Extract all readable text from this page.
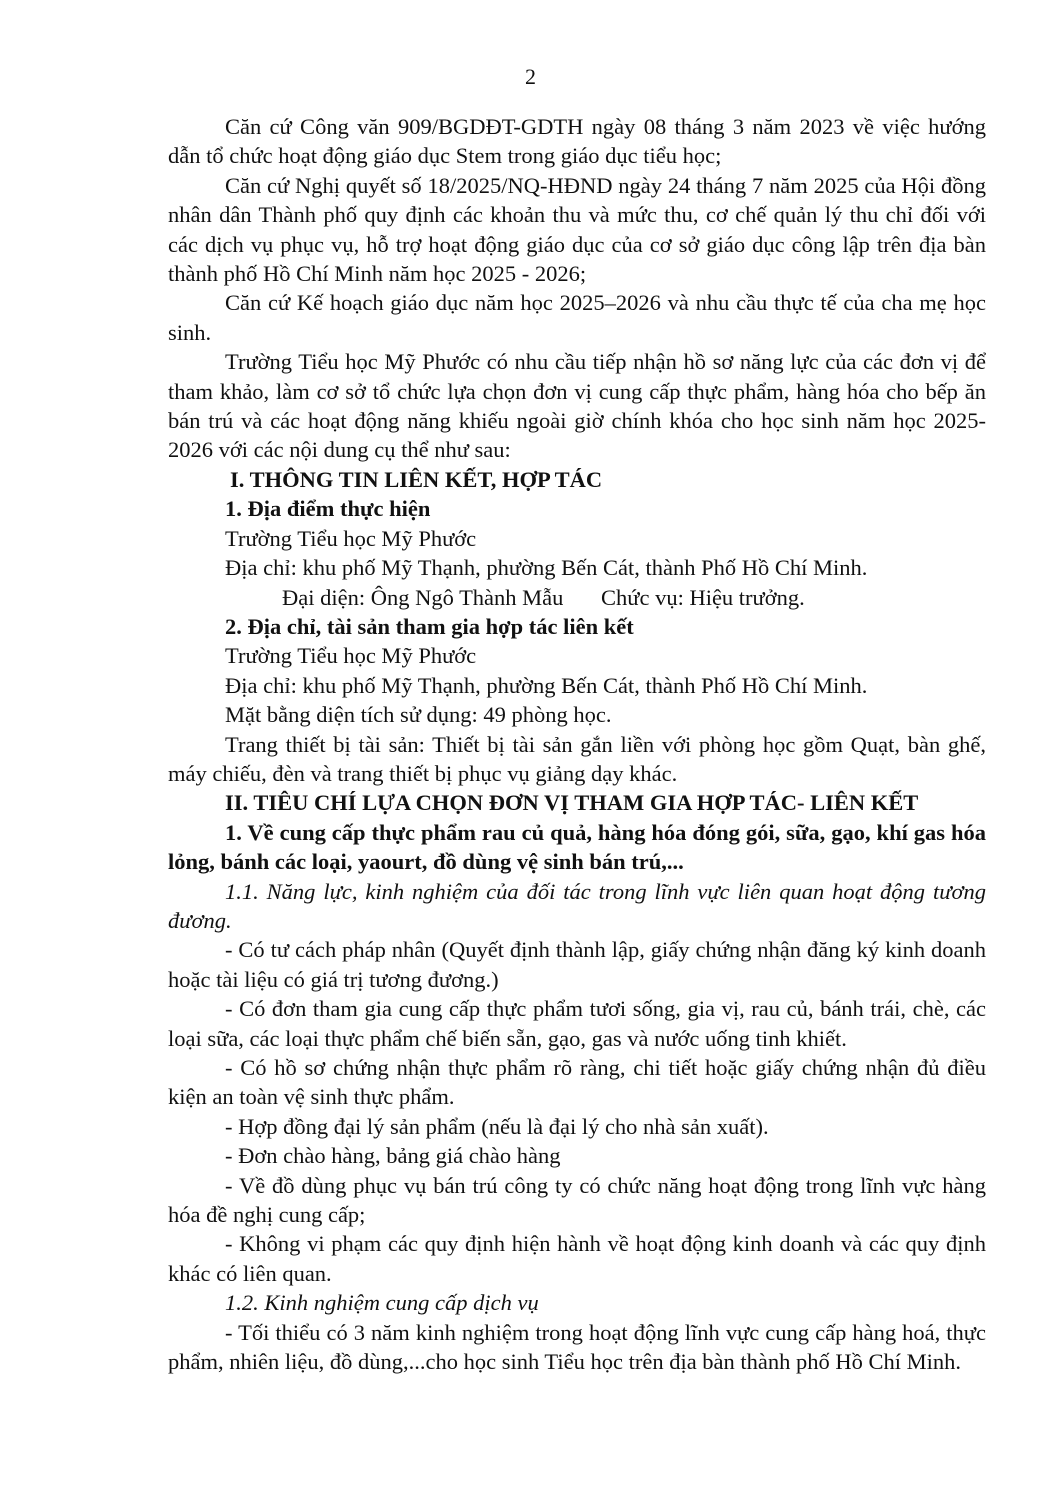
2

Căn cứ Công văn 909/BGDĐT-GDTH ngày 08 tháng 3 năm 2023 về việc hướng dẫn tổ chức hoạt động giáo dục Stem trong giáo dục tiểu học;

Căn cứ Nghị quyết số 18/2025/NQ-HĐND ngày 24 tháng 7 năm 2025 của Hội đồng nhân dân Thành phố quy định các khoản thu và mức thu, cơ chế quản lý thu chỉ đối với các dịch vụ phục vụ, hỗ trợ hoạt động giáo dục của cơ sở giáo dục công lập trên địa bàn thành phố Hồ Chí Minh năm học 2025 - 2026;

Căn cứ Kế hoạch giáo dục năm học 2025–2026 và nhu cầu thực tế của cha mẹ học sinh.

Trường Tiểu học Mỹ Phước có nhu cầu tiếp nhận hồ sơ năng lực của các đơn vị để tham khảo, làm cơ sở tổ chức lựa chọn đơn vị cung cấp thực phẩm, hàng hóa cho bếp ăn bán trú và các hoạt động năng khiếu ngoài giờ chính khóa cho học sinh năm học 2025-2026 với các nội dung cụ thể như sau:

I. THÔNG TIN LIÊN KẾT, HỢP TÁC

1. Địa điểm thực hiện

Trường Tiểu học Mỹ Phước

Địa chỉ: khu phố Mỹ Thạnh, phường Bến Cát, thành Phố Hồ Chí Minh.

Đại diện: Ông Ngô Thành Mẫu Chức vụ: Hiệu trưởng.

2. Địa chỉ, tài sản tham gia hợp tác liên kết

Trường Tiểu học Mỹ Phước

Địa chỉ: khu phố Mỹ Thạnh, phường Bến Cát, thành Phố Hồ Chí Minh.

Mặt bằng diện tích sử dụng: 49 phòng học.

Trang thiết bị tài sản: Thiết bị tài sản gắn liền với phòng học gồm Quạt, bàn ghế, máy chiếu, đèn và trang thiết bị phục vụ giảng dạy khác.

II. TIÊU CHÍ LỰA CHỌN ĐƠN VỊ THAM GIA HỢP TÁC- LIÊN KẾT

1. Về cung cấp thực phẩm rau củ quả, hàng hóa đóng gói, sữa, gạo, khí gas hóa lỏng, bánh các loại, yaourt, đồ dùng vệ sinh bán trú,...

1.1. Năng lực, kinh nghiệm của đối tác trong lĩnh vực liên quan hoạt động tương đương.

- Có tư cách pháp nhân (Quyết định thành lập, giấy chứng nhận đăng ký kinh doanh hoặc tài liệu có giá trị tương đương.)

- Có đơn tham gia cung cấp thực phẩm tươi sống, gia vị, rau củ, bánh trái, chè, các loại sữa, các loại thực phẩm chế biến sẵn, gạo, gas và nước uống tinh khiết.

- Có hồ sơ chứng nhận thực phẩm rõ ràng, chi tiết hoặc giấy chứng nhận đủ điều kiện an toàn vệ sinh thực phẩm.

- Hợp đồng đại lý sản phẩm (nếu là đại lý cho nhà sản xuất).

- Đơn chào hàng, bảng giá chào hàng

- Về đồ dùng phục vụ bán trú công ty có chức năng hoạt động trong lĩnh vực hàng hóa đề nghị cung cấp;

- Không vi phạm các quy định hiện hành về hoạt động kinh doanh và các quy định khác có liên quan.

1.2. Kinh nghiệm cung cấp dịch vụ

- Tối thiểu có 3 năm kinh nghiệm trong hoạt động lĩnh vực cung cấp hàng hoá, thực phẩm, nhiên liệu, đồ dùng,...cho học sinh Tiểu học trên địa bàn thành phố Hồ Chí Minh.
